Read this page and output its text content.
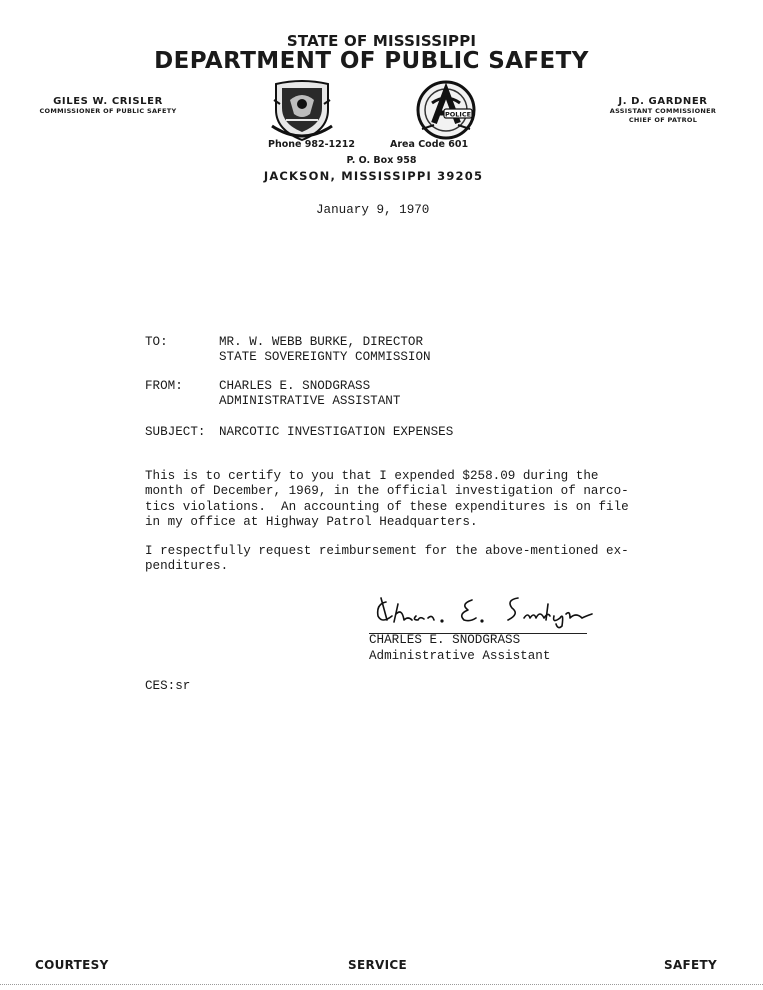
STATE OF MISSISSIPPI
DEPARTMENT OF PUBLIC SAFETY
GILES W. CRISLER
COMMISSIONER OF PUBLIC SAFETY
J. D. GARDNER
ASSISTANT COMMISSIONER
CHIEF OF PATROL
POLICE
Phone 982-1212	Area Code 601
P. O. Box 958
JACKSON, MISSISSIPPI 39205
January 9, 1970
TO:	MR. W. WEBB BURKE, DIRECTOR
STATE SOVEREIGNTY COMMISSION
FROM:	CHARLES E. SNODGRASS
ADMINISTRATIVE ASSISTANT
SUBJECT: NARCOTIC INVESTIGATION EXPENSES
This is to certify to you that I expended $258.09 during the
month of December, 1969, in the official investigation of narco-
tics violations.  An accounting of these expenditures is on file
in my office at Highway Patrol Headquarters.
I respectfully request reimbursement for the above-mentioned ex-
penditures.
CHARLES E. SNODGRASS
Administrative Assistant
CES:sr
COURTESY	SERVICE	SAFETY
